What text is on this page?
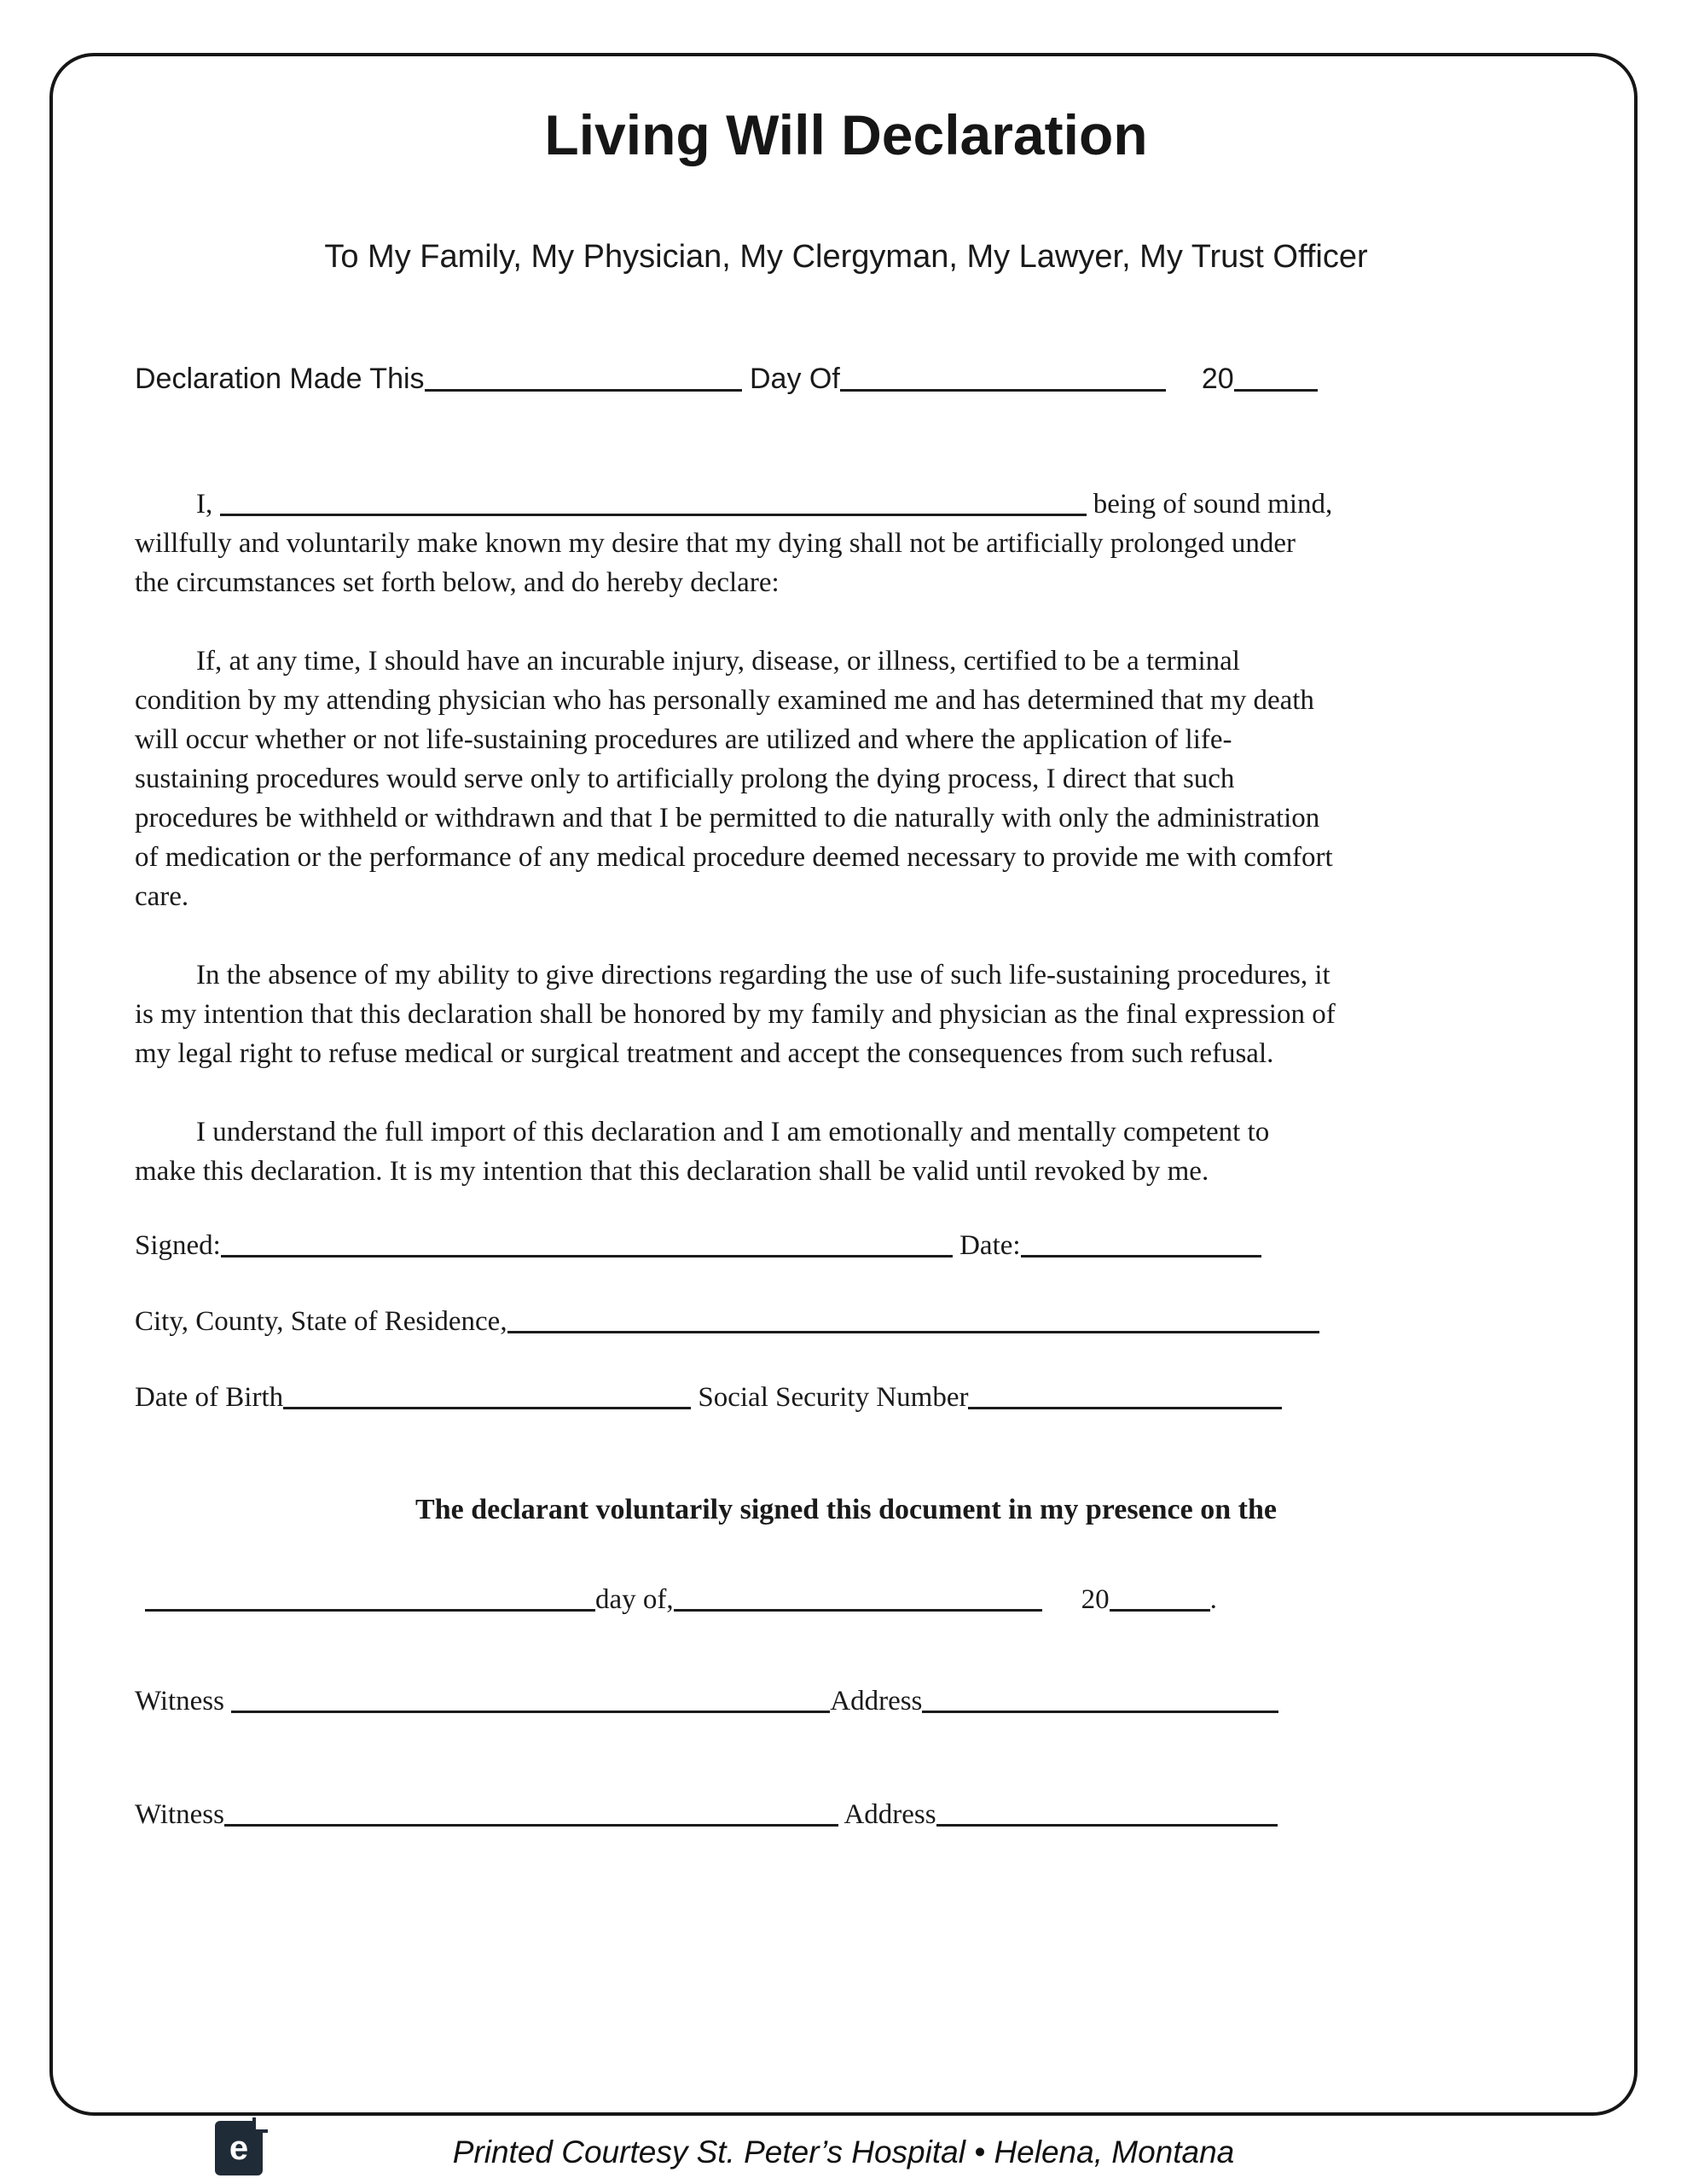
Living Will Declaration
To My Family, My Physician, My Clergyman, My Lawyer, My Trust Officer
Declaration Made This	Day Of	20

I,	being of sound mind, willfully and voluntarily make known my desire that my dying shall not be artificially prolonged under the circumstances set forth below, and do hereby declare:

If, at any time, I should have an incurable injury, disease, or illness, certified to be a terminal condition by my attending physician who has personally examined me and has determined that my death will occur whether or not life-sustaining procedures are utilized and where the application of life-sustaining procedures would serve only to artificially prolong the dying process, I direct that such procedures be withheld or withdrawn and that I be permitted to die naturally with only the administration of medication or the performance of any medical procedure deemed necessary to provide me with comfort care.

In the absence of my ability to give directions regarding the use of such life-sustaining procedures, it is my intention that this declaration shall be honored by my family and physician as the final expression of my legal right to refuse medical or surgical treatment and accept the consequences from such refusal.

I understand the full import of this declaration and I am emotionally and mentally competent to make this declaration. It is my intention that this declaration shall be valid until revoked by me.

Signed:	Date:
City, County, State of Residence,
Date of Birth	Social Security Number
The declarant voluntarily signed this document in my presence on the
day of,	20	.
Witness	Address
Witness	Address
e	Printed Courtesy St. Peter’s Hospital • Helena, Montana
